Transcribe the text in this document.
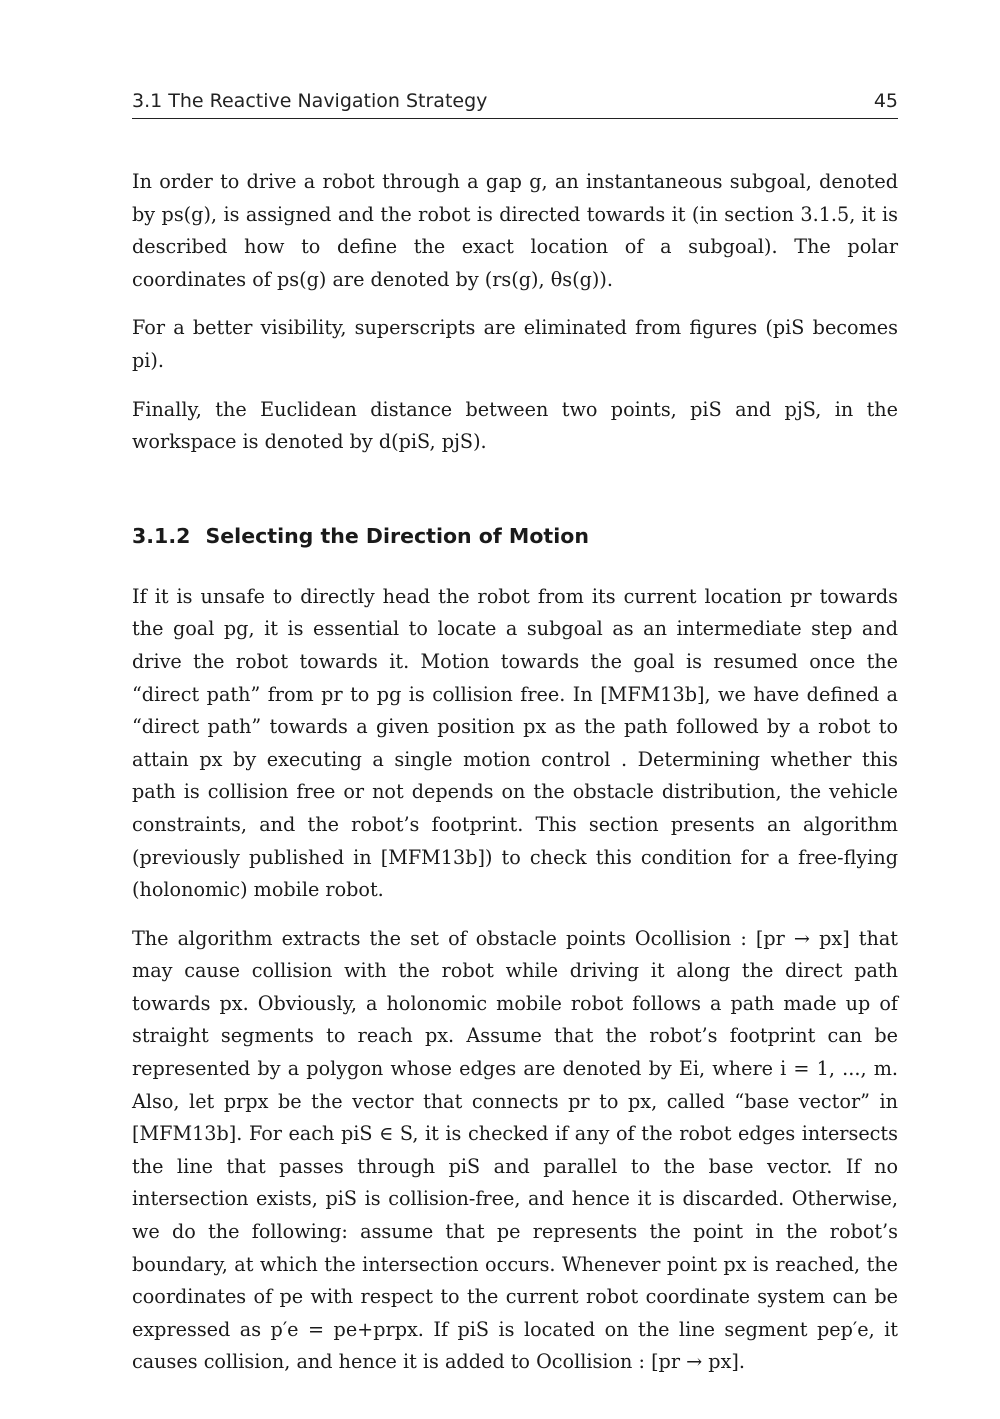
3.1 The Reactive Navigation Strategy	45

In order to drive a robot through a gap g, an instantaneous subgoal, denoted by ps(g), is assigned and the robot is directed towards it (in section 3.1.5, it is described how to define the exact location of a subgoal). The polar coordinates of ps(g) are denoted by (rs(g), θs(g)).

For a better visibility, superscripts are eliminated from figures (piS becomes pi).

Finally, the Euclidean distance between two points, piS and pjS, in the workspace is denoted by d(piS, pjS).

3.1.2 Selecting the Direction of Motion

If it is unsafe to directly head the robot from its current location pr towards the goal pg, it is essential to locate a subgoal as an intermediate step and drive the robot towards it. Motion towards the goal is resumed once the “direct path” from pr to pg is collision free. In [MFM13b], we have defined a “direct path” towards a given position px as the path followed by a robot to attain px by executing a single motion control . Determining whether this path is collision free or not depends on the obstacle distribution, the vehicle constraints, and the robot’s footprint. This section presents an algorithm (previously published in [MFM13b]) to check this condition for a free-flying (holonomic) mobile robot.

The algorithm extracts the set of obstacle points Ocollision : [pr → px] that may cause collision with the robot while driving it along the direct path towards px. Obviously, a holonomic mobile robot follows a path made up of straight segments to reach px. Assume that the robot’s footprint can be represented by a polygon whose edges are denoted by Ei, where i = 1, ..., m. Also, let prpx be the vector that connects pr to px, called “base vector” in [MFM13b]. For each piS ∈ S, it is checked if any of the robot edges intersects the line that passes through piS and parallel to the base vector. If no intersection exists, piS is collision-free, and hence it is discarded. Otherwise, we do the following: assume that pe represents the point in the robot’s boundary, at which the intersection occurs. Whenever point px is reached, the coordinates of pe with respect to the current robot coordinate system can be expressed as p′e = pe+prpx. If piS is located on the line segment pep′e, it causes collision, and hence it is added to Ocollision : [pr → px].
